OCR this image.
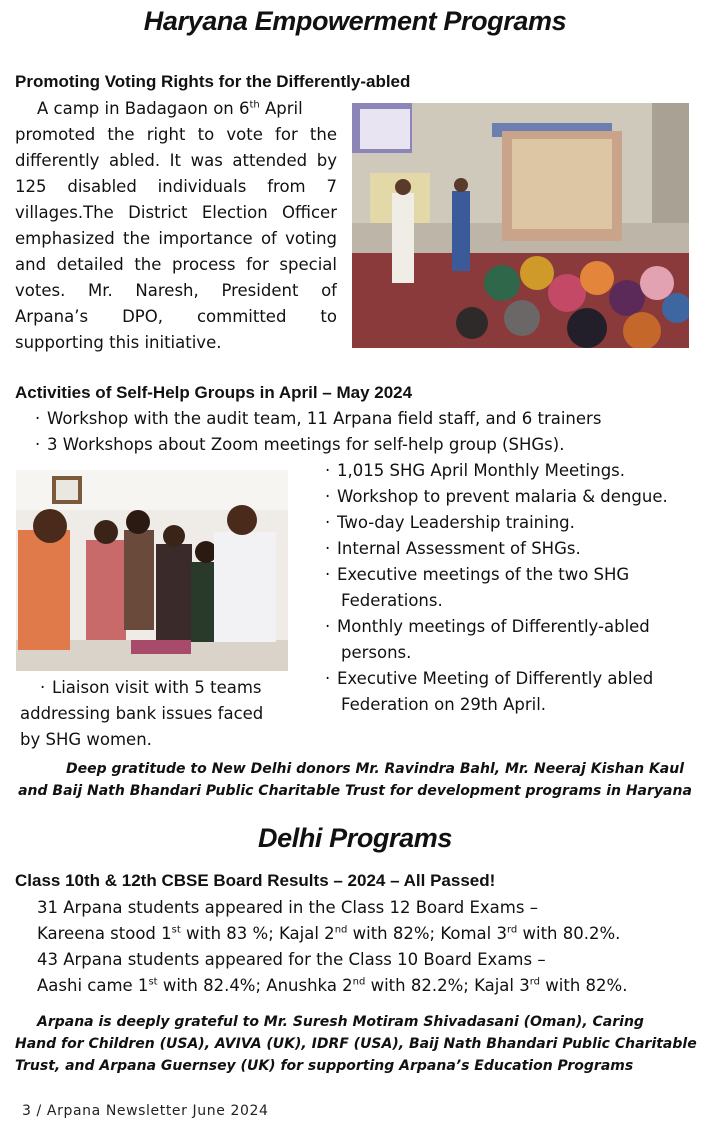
Haryana Empowerment Programs
Promoting Voting Rights for the Differently-abled
A camp in Badagaon on 6th April
promoted the right to vote for the
differently abled. It was attended by
125 disabled individuals from 7
villages.The District Election Officer
emphasized the importance of voting
and detailed the process for special
votes. Mr. Naresh, President of
Arpana’s DPO, committed to
supporting this initiative.
Activities of Self-Help Groups in April – May 2024
· Workshop with the audit team, 11 Arpana field staff, and 6 trainers
· 3 Workshops about Zoom meetings for self-help group (SHGs).
· 1,015 SHG April Monthly Meetings.
· Workshop to prevent malaria & dengue.
· Two-day Leadership training.
· Internal Assessment of SHGs.
· Executive meetings of the two SHG
Federations.
· Monthly meetings of Differently-abled
persons.
· Executive Meeting of Differently abled
Federation on 29th April.
· Liaison visit with 5 teams
addressing bank issues faced
by SHG women.
Deep gratitude to New Delhi donors Mr. Ravindra Bahl, Mr. Neeraj Kishan Kaul
and Baij Nath Bhandari Public Charitable Trust for development programs in Haryana
Delhi Programs
Class 10th & 12th CBSE Board Results – 2024 – All Passed!
31 Arpana students appeared in the Class 12 Board Exams –
Kareena stood 1st with 83 %; Kajal 2nd with 82%; Komal 3rd with 80.2%.
43 Arpana students appeared for the Class 10 Board Exams –
Aashi came 1st with 82.4%; Anushka 2nd with 82.2%; Kajal 3rd with 82%.
Arpana is deeply grateful to Mr. Suresh Motiram Shivadasani (Oman), Caring
Hand for Children (USA), AVIVA (UK), IDRF (USA), Baij Nath Bhandari Public Charitable
Trust, and Arpana Guernsey (UK) for supporting Arpana’s Education Programs
3 / Arpana Newsletter June 2024
